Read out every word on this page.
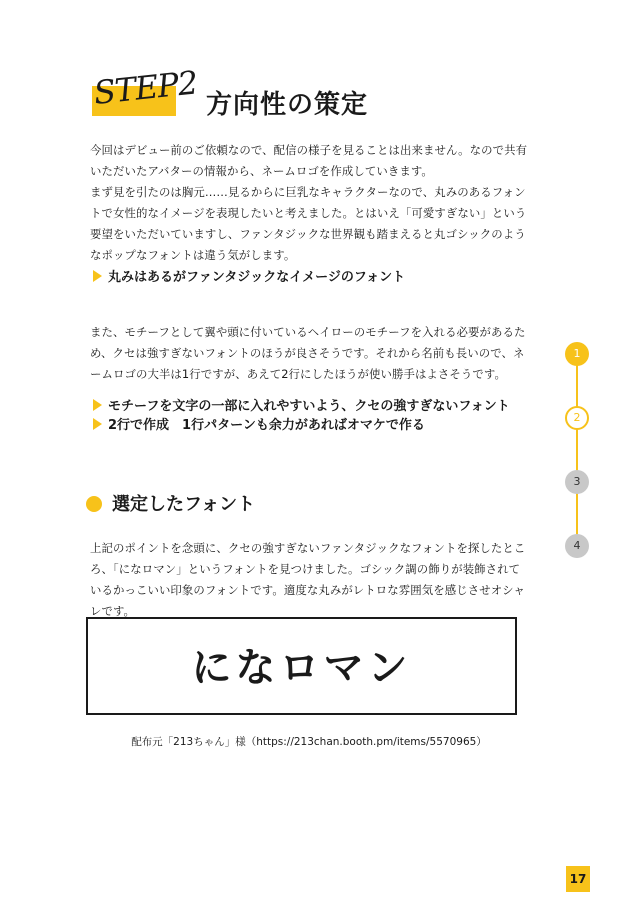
STEP2 方向性の策定

今回はデビュー前のご依頼なので、配信の様子を見ることは出来ません。なので共有いただいたアバターの情報から、ネームロゴを作成していきます。

まず見を引たのは胸元……見るからに巨乳なキャラクターなので、丸みのあるフォントで女性的なイメージを表現したいと考えました。とはいえ「可愛すぎない」という要望をいただいていますし、ファンタジックな世界観も踏まえると丸ゴシックのようなポップなフォントは違う気がします。

丸みはあるがファンタジックなイメージのフォント

また、モチーフとして翼や頭に付いているヘイローのモチーフを入れる必要があるため、クセは強すぎないフォントのほうが良さそうです。それから名前も長いので、ネームロゴの大半は1行ですが、あえて2行にしたほうが使い勝手はよさそうです。

モチーフを文字の一部に入れやすいよう、クセの強すぎないフォント
2行で作成　1行パターンも余力があればオマケで作る
選定したフォント

上記のポイントを念頭に、クセの強すぎないファンタジックなフォントを探したところ、「になロマン」というフォントを見つけました。ゴシック調の飾りが装飾されているかっこいい印象のフォントです。適度な丸みがレトロな雰囲気を感じさせオシャレです。

になロマン
配布元「213ちゃん」様（https://213chan.booth.pm/items/5570965）
1
2
3
4
17
